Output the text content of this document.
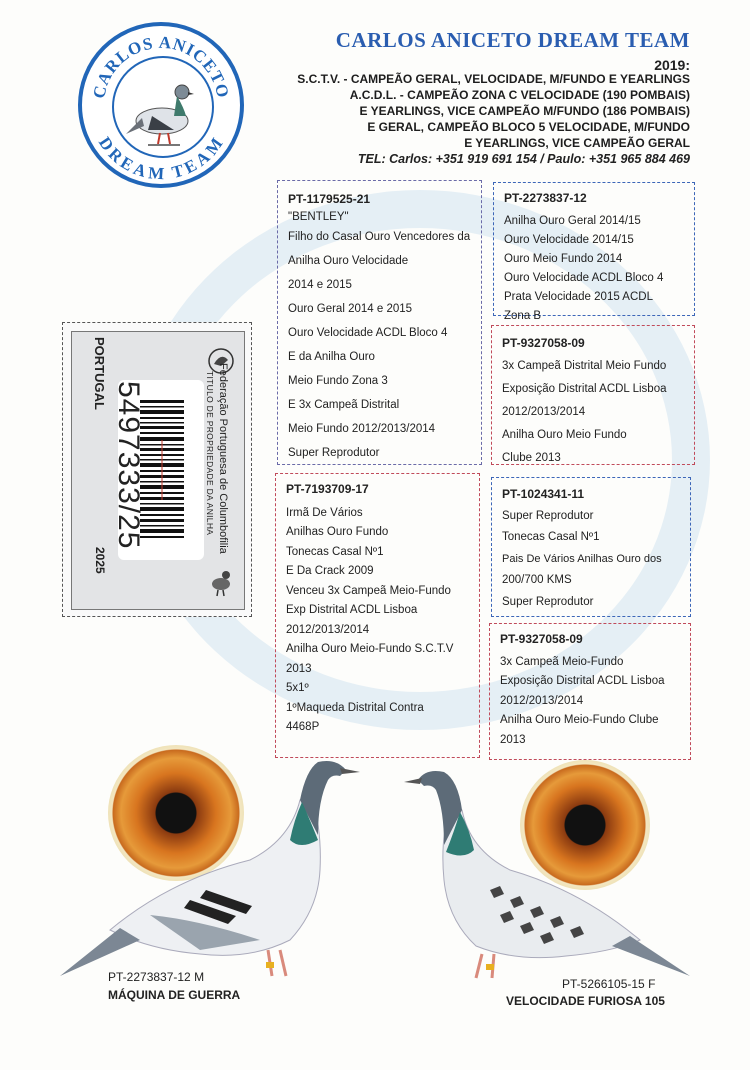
CARLOS ANICETO
DREAM TEAM
CARLOS ANICETO DREAM TEAM
2019:
S.C.T.V. - CAMPEÃO GERAL, VELOCIDADE, M/FUNDO E YEARLINGS
A.C.D.L. - CAMPEÃO ZONA C VELOCIDADE (190 POMBAIS)
E YEARLINGS, VICE CAMPEÃO M/FUNDO (186 POMBAIS)
E GERAL, CAMPEÃO BLOCO 5 VELOCIDADE, M/FUNDO
E YEARLINGS, VICE CAMPEÃO GERAL
TEL: Carlos: +351 919 691 154 / Paulo: +351 965 884 469
PORTUGAL	Federação Portuguesa de Columbofilia
TITULO DE PROPRIEDADE DA ANILHA
5497333/25
2025
PT-1179525-21
"BENTLEY"
Filho do Casal Ouro Vencedores da
Anilha Ouro Velocidade
2014 e 2015
Ouro Geral 2014 e 2015
Ouro Velocidade ACDL Bloco 4
E da Anilha Ouro
Meio Fundo Zona 3
E 3x Campeã Distrital
Meio Fundo 2012/2013/2014
Super Reprodutor
PT-2273837-12
Anilha Ouro Geral 2014/15
Ouro Velocidade 2014/15
Ouro Meio Fundo 2014
Ouro Velocidade ACDL Bloco 4
Prata Velocidade 2015 ACDL
Zona B
PT-9327058-09
3x Campeã Distrital Meio Fundo
Exposição Distrital ACDL Lisboa
2012/2013/2014
Anilha Ouro Meio Fundo
Clube 2013
PT-7193709-17
Irmã De Vários
Anilhas Ouro Fundo
Tonecas Casal Nº1
E Da Crack 2009
Venceu 3x Campeã Meio-Fundo
Exp Distrital ACDL Lisboa
2012/2013/2014
Anilha Ouro Meio-Fundo S.C.T.V
2013
5x1º
1ºMaqueda Distrital Contra
4468P
PT-1024341-11
Super Reprodutor
Tonecas Casal Nº1
Pais De Vários Anilhas Ouro dos
200/700 KMS
Super Reprodutor
PT-9327058-09
3x Campeã Meio-Fundo
Exposição Distrital ACDL Lisboa
2012/2013/2014
Anilha Ouro Meio-Fundo Clube
2013
PT-2273837-12 M
MÁQUINA DE GUERRA
PT-5266105-15 F
VELOCIDADE FURIOSA 105
